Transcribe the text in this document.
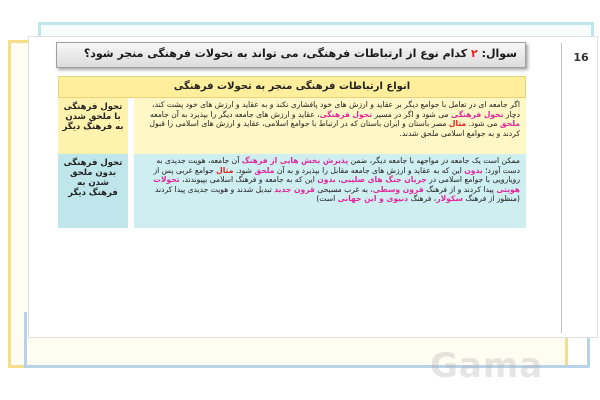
16
سوال: ۲ کدام نوع از ارتباطات فرهنگی، می تواند به تحولات فرهنگی منجر شود؟
انواع ارتباطات فرهنگی منجر به تحولات فرهنگی
تحول فرهنگی با ملحق شدن به فرهنگ دیگر
اگر جامعه ای در تعامل با جوامع دیگر بر عقاید و ارزش های خود پافشاری نکند و به عقاید و ارزش های خود پشت کند، دچار تحول فرهنگی می شود و اگر در مسیر تحول فرهنگی، عقاید و ارزش های جامعه دیگر را بپذیرد به آن جامعه ملحق می شود. مثال مصر باستان و ایران باستان که در ارتباط با جوامع اسلامی، عقاید و ارزش های اسلامی را قبول کردند و به جوامع اسلامی ملحق شدند.
تحول فرهنگی بدون ملحق شدن به فرهنگ دیگر
ممکن است یک جامعه در مواجهه با جامعه دیگر، ضمن پذیرش بخش هایی از فرهنگ آن جامعه، هویت جدیدی به دست آورد؛ بدون این که به عقاید و ارزش های جامعه مقابل را بپذیرد و به آن ملحق شود. مثال جوامع غربی پس از رویارویی با جوامع اسلامی در جریان جنگ های صلیبی، بدون این که به جامعه و فرهنگ اسلامی بپیوندند، تحولات هویتی پیدا کردند و از فرهنگ قرون وسطی، به غرب مسیحی قرون جدید تبدیل شدند و هویت جدیدی پیدا کردند (منظور از فرهنگ سکولار، فرهنگ دنیوی و این جهانی است)
Gama
